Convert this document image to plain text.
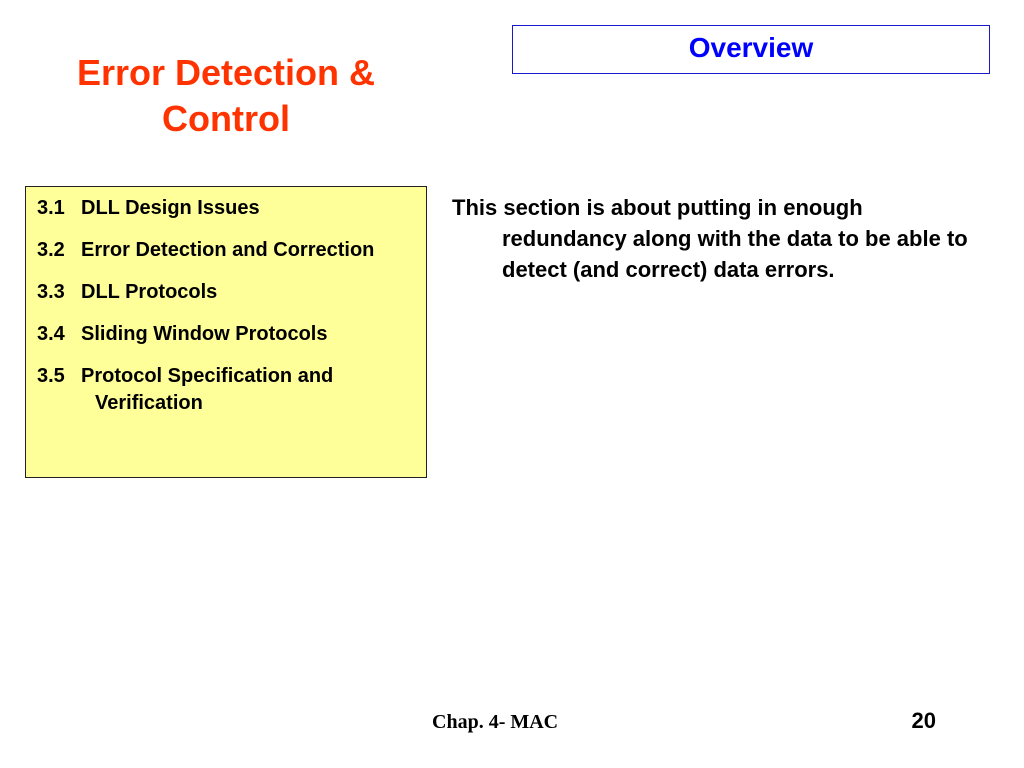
Error Detection &
Control
Overview
3.1 DLL Design Issues
3.2 Error Detection and Correction
3.3 DLL Protocols
3.4 Sliding Window Protocols
3.5 Protocol Specification and Verification
This section is about putting in enough redundancy along with the data to be able to detect (and correct) data errors.
Chap. 4- MAC	20
